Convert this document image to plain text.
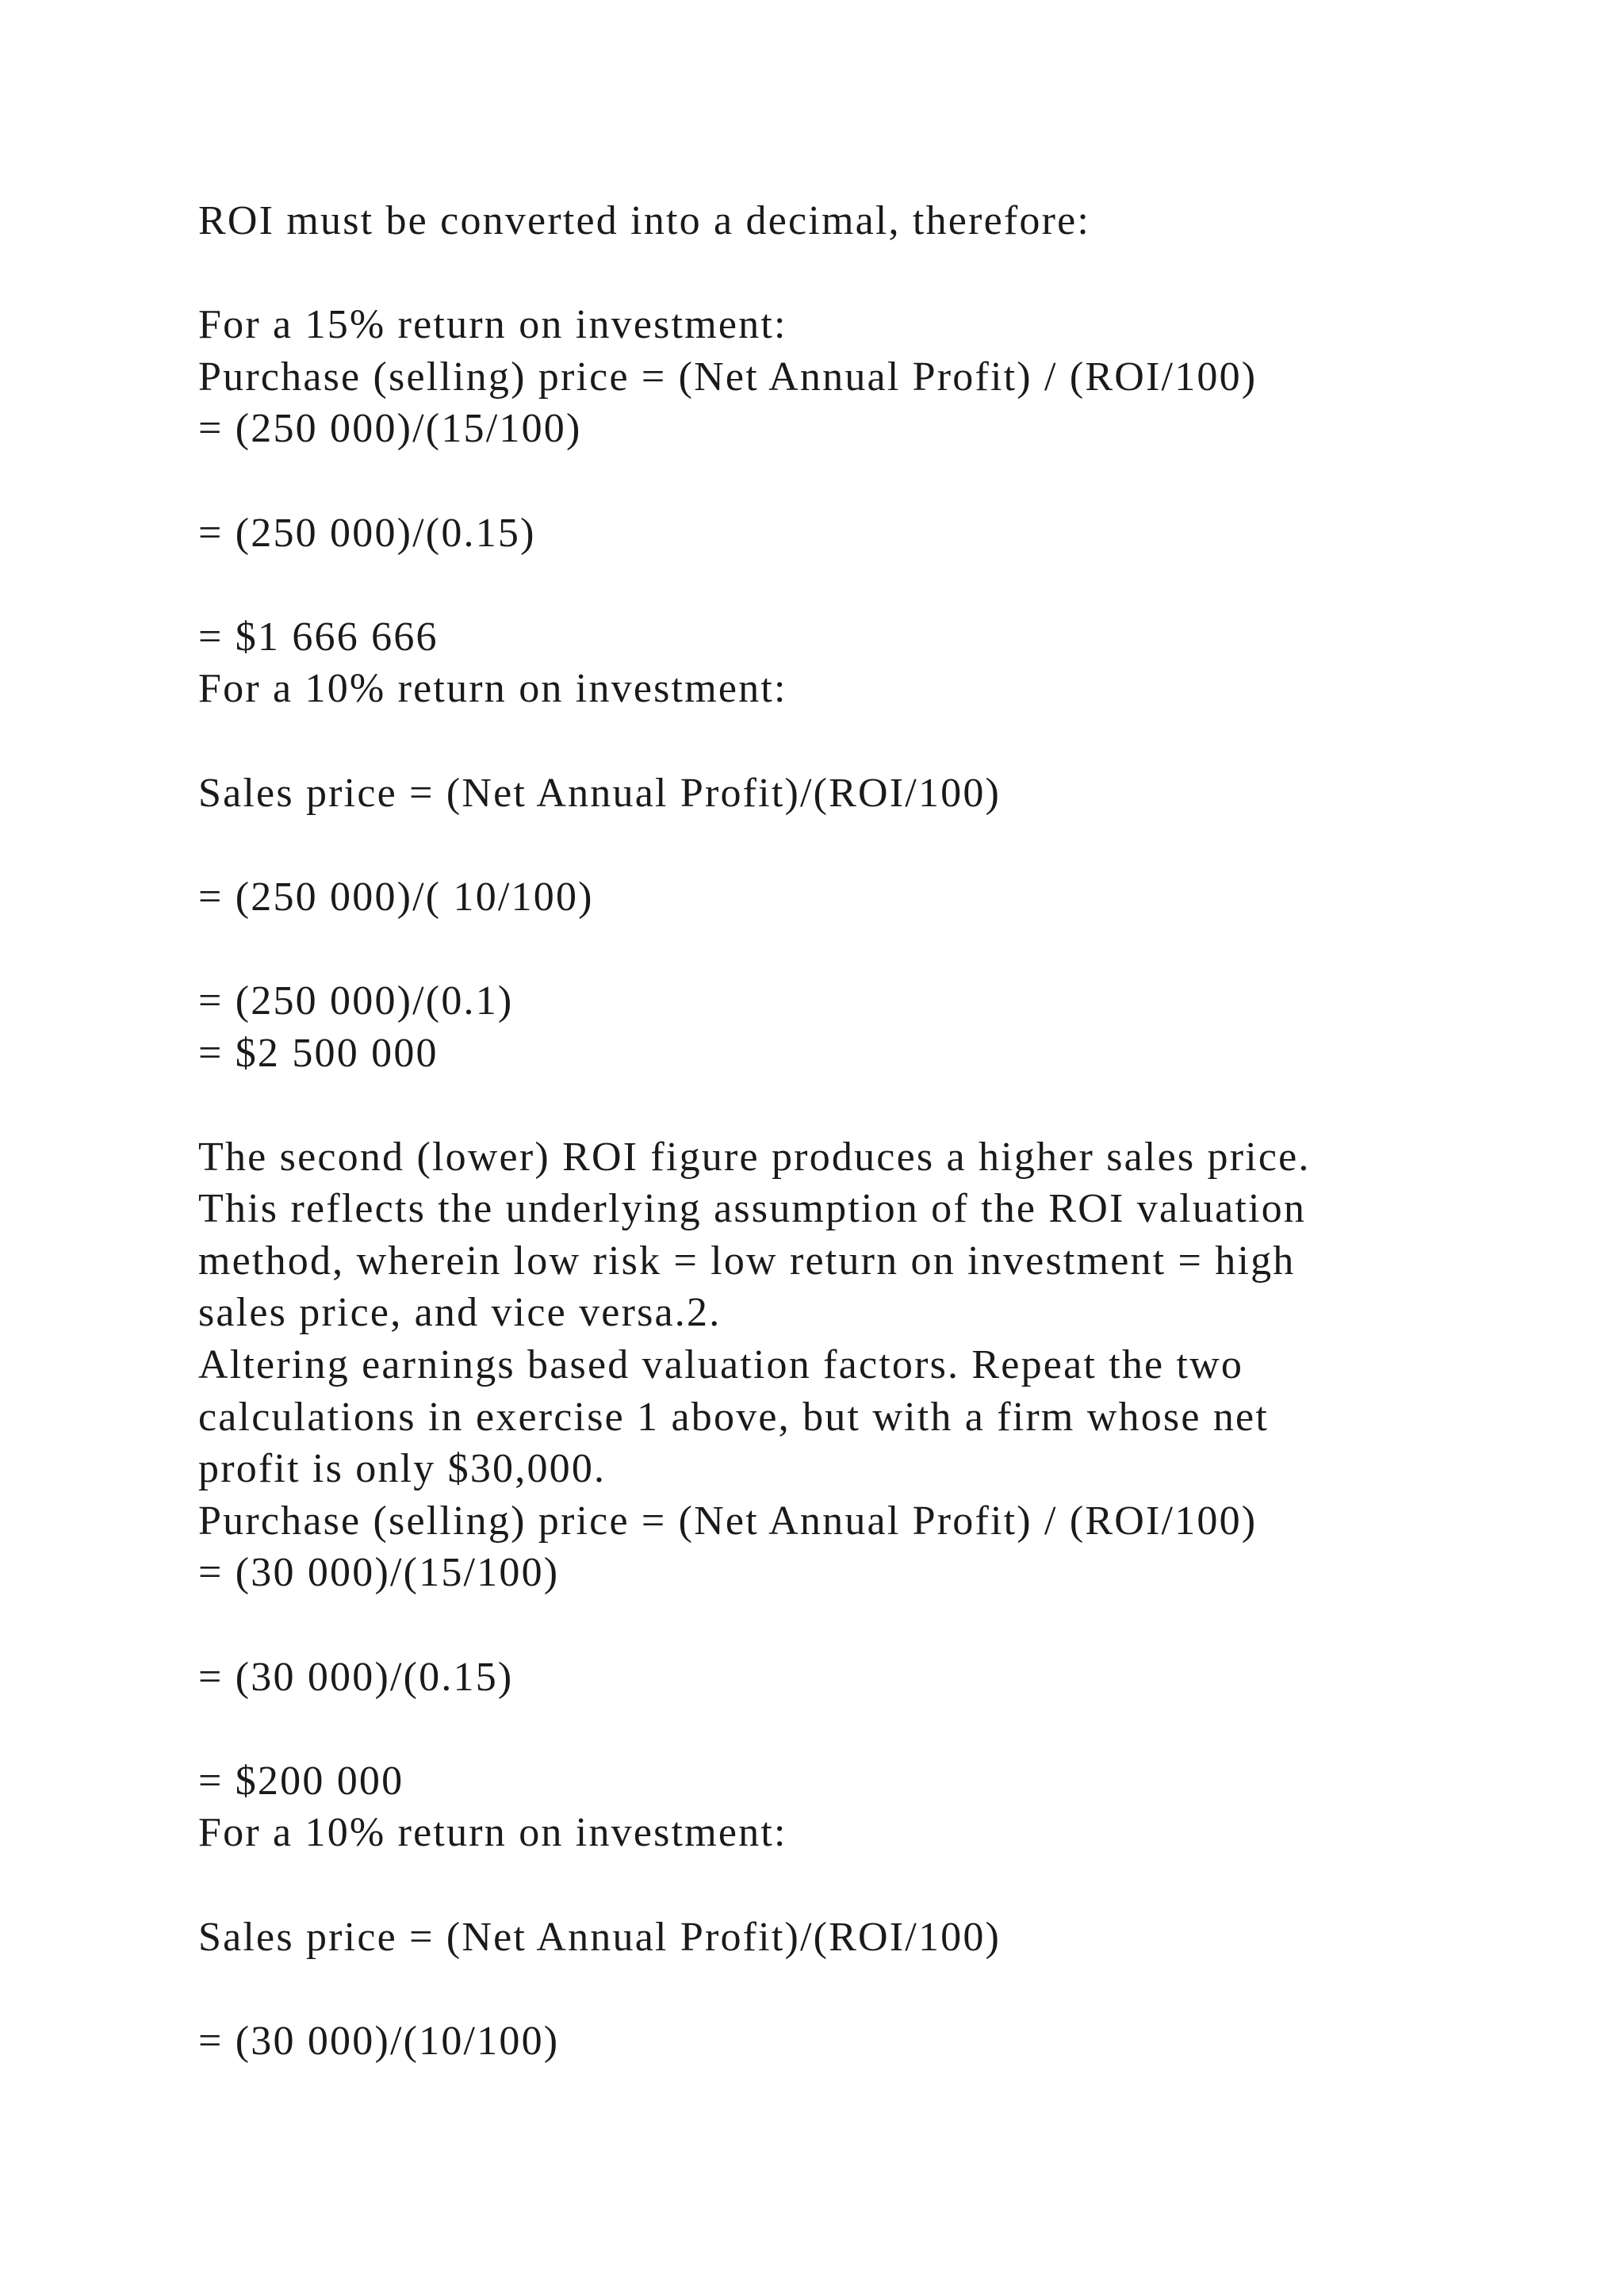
ROI must be converted into a decimal, therefore:
For a 15% return on investment:
Purchase (selling) price = (Net Annual Profit) / (ROI/100)
= (250 000)/(15/100)
= (250 000)/(0.15)
= $1 666 666
For a 10% return on investment:
Sales price = (Net Annual Profit)/(ROI/100)
= (250 000)/( 10/100)
= (250 000)/(0.1)
= $2 500 000
The second (lower) ROI figure produces a higher sales price.
This reflects the underlying assumption of the ROI valuation
method, wherein low risk = low return on investment = high
sales price, and vice versa.2.
Altering earnings based valuation factors. Repeat the two
calculations in exercise 1 above, but with a firm whose net
profit is only $30,000.
Purchase (selling) price = (Net Annual Profit) / (ROI/100)
= (30 000)/(15/100)
= (30 000)/(0.15)
= $200 000
For a 10% return on investment:
Sales price = (Net Annual Profit)/(ROI/100)
= (30 000)/(10/100)
